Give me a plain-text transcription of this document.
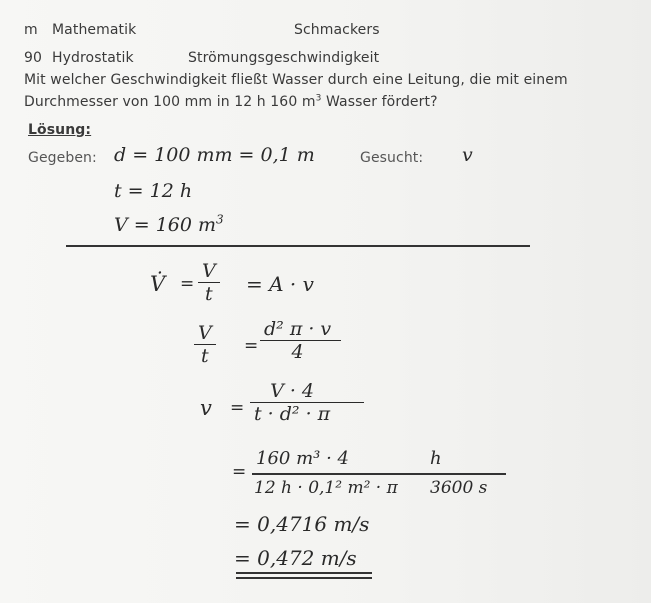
m Mathematik	Schmackers
90 Hydrostatik	Strömungsgeschwindigkeit
Mit welcher Geschwindigkeit fließt Wasser durch eine Leitung, die mit einem
Durchmesser von 100 mm in 12 h 160 $m^3$ Wasser fördert?
Lösung:
Gegeben: d = 100 mm = 0,1 m	Gesucht: v
t = 12 h
V = 160 $m^3$
V̇ =
V
t = A · v
V
t =
d² π · v
4
v =
V · 4
t · d² · π
=
160 m³ · 4	h
12 h · 0,1² m² · π 3600 s
= 0,4716 m/s
= 0,472 m/s
